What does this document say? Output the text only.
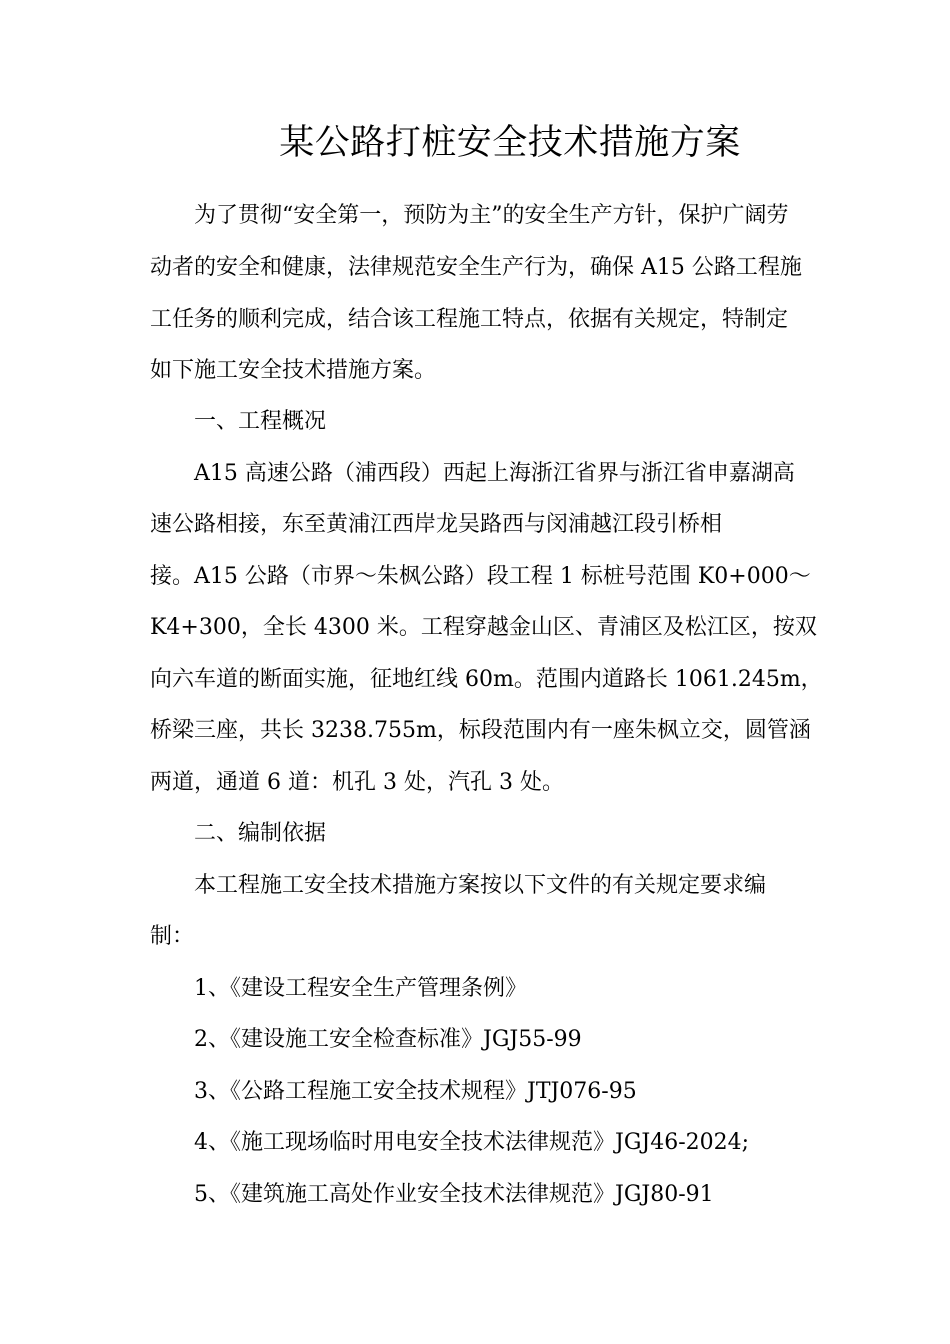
某公路打桩安全技术措施方案
为了贯彻“安全第一，预防为主”的安全生产方针，保护广阔劳
动者的安全和健康，法律规范安全生产行为，确保 A15 公路工程施
工任务的顺利完成，结合该工程施工特点，依据有关规定，特制定
如下施工安全技术措施方案。
一、工程概况
A15 高速公路（浦西段）西起上海浙江省界与浙江省申嘉湖高
速公路相接，东至黄浦江西岸龙吴路西与闵浦越江段引桥相
接。A15 公路（市界～朱枫公路）段工程 1 标桩号范围 K0+000～
K4+300，全长 4300 米。工程穿越金山区、青浦区及松江区，按双
向六车道的断面实施，征地红线 60m。范围内道路长 1061.245m，
桥梁三座，共长 3238.755m，标段范围内有一座朱枫立交，圆管涵
两道，通道 6 道：机孔 3 处，汽孔 3 处。
二、编制依据
本工程施工安全技术措施方案按以下文件的有关规定要求编
制：
1、《建设工程安全生产管理条例》
2、《建设施工安全检查标准》JGJ55-99
3、《公路工程施工安全技术规程》JTJ076-95
4、《施工现场临时用电安全技术法律规范》JGJ46-2024;
5、《建筑施工高处作业安全技术法律规范》JGJ80-91
